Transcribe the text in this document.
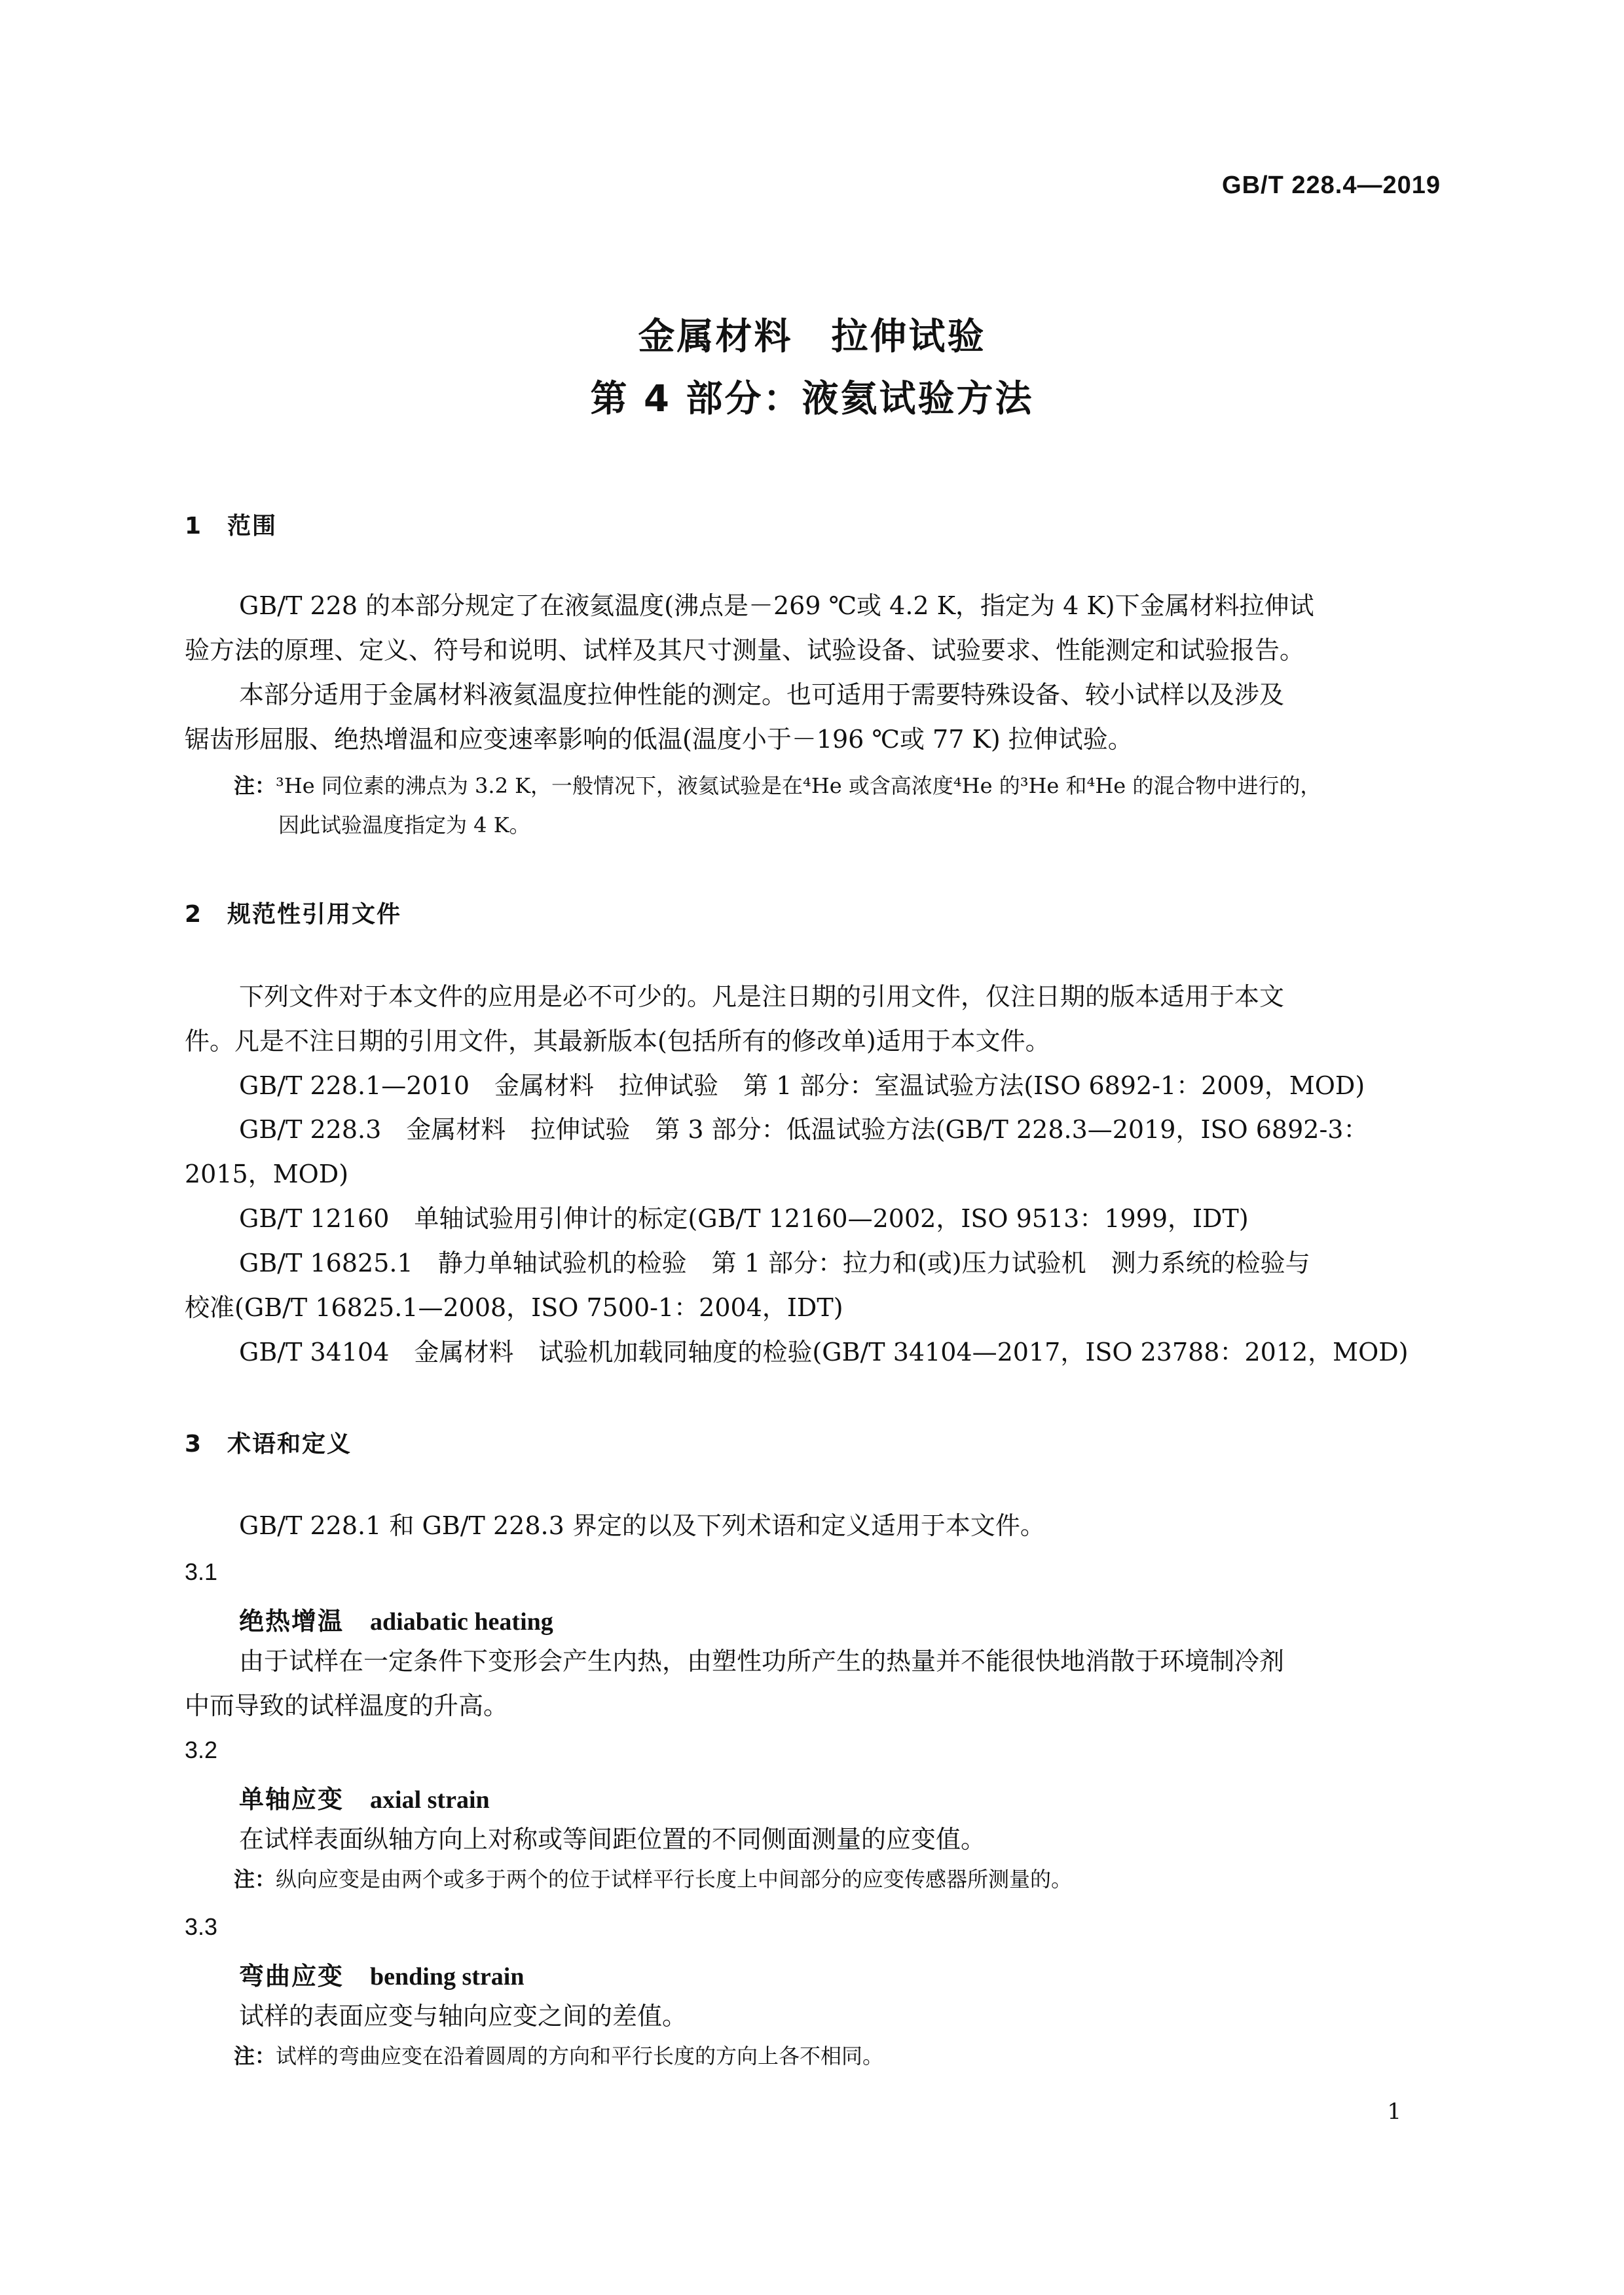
GB/T 228.4—2019
金属材料　拉伸试验
第 4 部分：液氦试验方法
1 范围
GB/T 228 的本部分规定了在液氦温度(沸点是－269 ℃或 4.2 K，指定为 4 K)下金属材料拉伸试
验方法的原理、定义、符号和说明、试样及其尺寸测量、试验设备、试验要求、性能测定和试验报告。
本部分适用于金属材料液氦温度拉伸性能的测定。也可适用于需要特殊设备、较小试样以及涉及
锯齿形屈服、绝热增温和应变速率影响的低温(温度小于－196 ℃或 77 K) 拉伸试验。
注：³He 同位素的沸点为 3.2 K，一般情况下，液氦试验是在⁴He 或含高浓度⁴He 的³He 和⁴He 的混合物中进行的，
因此试验温度指定为 4 K。
2 规范性引用文件
下列文件对于本文件的应用是必不可少的。凡是注日期的引用文件，仅注日期的版本适用于本文
件。凡是不注日期的引用文件，其最新版本(包括所有的修改单)适用于本文件。
GB/T 228.1—2010　金属材料　拉伸试验　第 1 部分：室温试验方法(ISO 6892-1：2009，MOD)
GB/T 228.3　金属材料　拉伸试验　第 3 部分：低温试验方法(GB/T 228.3—2019，ISO 6892-3：
2015，MOD)
GB/T 12160　单轴试验用引伸计的标定(GB/T 12160—2002，ISO 9513：1999，IDT)
GB/T 16825.1　静力单轴试验机的检验　第 1 部分：拉力和(或)压力试验机　测力系统的检验与
校准(GB/T 16825.1—2008，ISO 7500-1：2004，IDT)
GB/T 34104　金属材料　试验机加载同轴度的检验(GB/T 34104—2017，ISO 23788：2012，MOD)
3 术语和定义
GB/T 228.1 和 GB/T 228.3 界定的以及下列术语和定义适用于本文件。
3.1
绝热增温 adiabatic heating
由于试样在一定条件下变形会产生内热，由塑性功所产生的热量并不能很快地消散于环境制冷剂
中而导致的试样温度的升高。
3.2
单轴应变 axial strain
在试样表面纵轴方向上对称或等间距位置的不同侧面测量的应变值。
注：纵向应变是由两个或多于两个的位于试样平行长度上中间部分的应变传感器所测量的。
3.3
弯曲应变 bending strain
试样的表面应变与轴向应变之间的差值。
注：试样的弯曲应变在沿着圆周的方向和平行长度的方向上各不相同。
1
